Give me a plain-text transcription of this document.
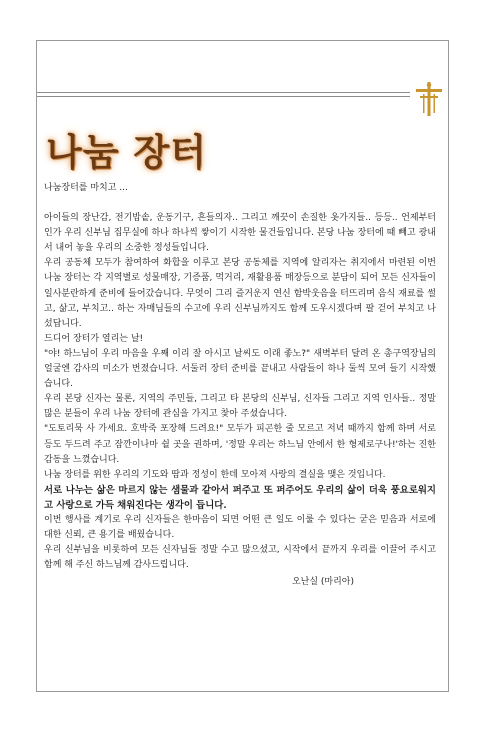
나눔 장터

나눔장터를 마치고 ...

아이들의 장난감, 전기밥솥, 운동기구, 흔들의자.. 그리고 깨끗이 손질한 옷가지들.. 등등.. 언제부터인가 우리 신부님 집무실에 하나 하나씩 쌓이기 시작한 물건들입니다. 본당 나눔 장터에 때 빼고 광내서 내어 놓을 우리의 소중한 정성들입니다.

우리 공동체 모두가 참여하여 화합을 이루고 본당 공동체를 지역에 알리자는 취지에서 마련된 이번 나눔 장터는 각 지역별로 성물매장, 기증품, 먹거리, 재활용품 매장등으로 분담이 되어 모든 신자들이 일사분란하게 준비에 들어갔습니다. 무엇이 그리 즐거운지 연신 함박웃음을 터뜨리며 음식 재료를 썰고, 삶고, 부치고.. 하는 자매님들의 수고에 우리 신부님까지도 함께 도우시겠다며 팔 걷어 부치고 나섰답니다.

드디어 장터가 열리는 날!

"야! 하느님이 우리 마음을 우째 이리 잘 아시고 날씨도 이래 좋노?" 새벽부터 달려 온 총구역장님의 얼굴엔 감사의 미소가 번졌습니다. 서둘러 장터 준비를 끝내고 사람들이 하나 둘씩 모여 들기 시작했습니다.

우리 본당 신자는 물론, 지역의 주민들, 그리고 타 본당의 신부님, 신자들 그리고 지역 인사들.. 정말 많은 분들이 우리 나눔 장터에 관심을 가지고 찾아 주셨습니다.

"도토리묵 사 가세요. 호박죽 포장해 드려요!" 모두가 피곤한 줄 모르고 저녁 때까지 함께 하며 서로 등도 두드려 주고 잠깐이나마 쉴 곳을 권하며, '정말 우리는 하느님 안에서 한 형제로구나!'하는 진한 감동을 느꼈습니다.

나눔 장터를 위한 우리의 기도와 땀과 정성이 한데 모아져 사랑의 결실을 맺은 것입니다.

서로 나누는 삶은 마르지 않는 샘물과 같아서 퍼주고 또 퍼주어도 우리의 삶이 더욱 풍요로워지고 사랑으로 가득 채워진다는 생각이 듭니다.

이번 행사를 계기로 우리 신자들은 한마음이 되면 어떤 큰 일도 이룰 수 있다는 굳은 믿음과 서로에 대한 신뢰, 큰 용기를 배웠습니다.

우리 신부님을 비롯하여 모든 신자님들 정말 수고 많으셨고, 시작에서 끝까지 우리를 이끌어 주시고 함께 해 주신 하느님께 감사드립니다.

오난실 (마리아)
